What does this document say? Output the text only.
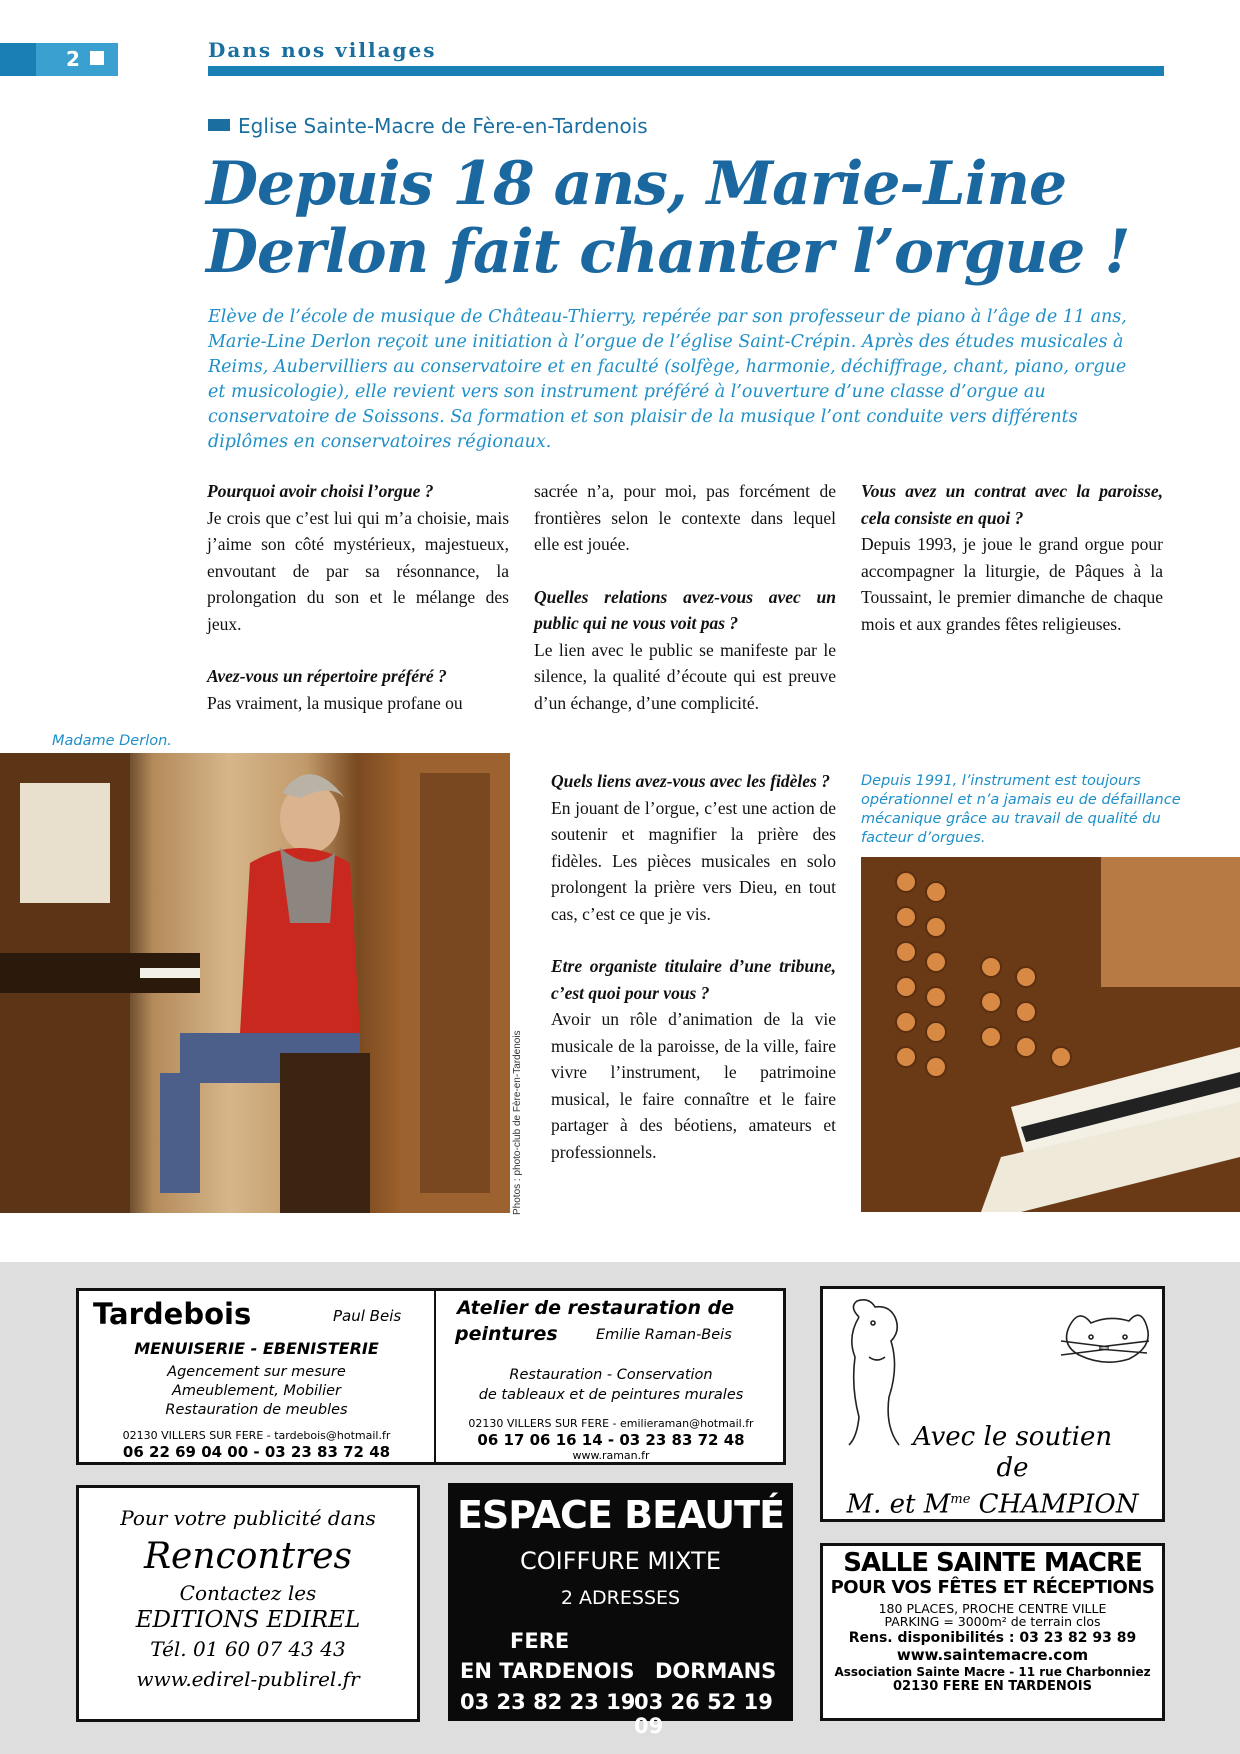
2	Dans nos villages
Eglise Sainte-Macre de Fère-en-Tardenois
Depuis 18 ans, Marie-Line
Derlon fait chanter l’orgue !
Elève de l’école de musique de Château-Thierry, repérée par son professeur de piano à l’âge de 11 ans, Marie-Line Derlon reçoit une initiation à l’orgue de l’église Saint-Crépin. Après des études musicales à Reims, Aubervilliers au conservatoire et en faculté (solfège, harmonie, déchiffrage, chant, piano, orgue et musicologie), elle revient vers son instrument préféré à l’ouverture d’une classe d’orgue au conservatoire de Soissons. Sa formation et son plaisir de la musique l’ont conduite vers différents diplômes en conservatoires régionaux.
Pourquoi avoir choisi l’orgue ?

Je crois que c’est lui qui m’a choisie, mais j’aime son côté mystérieux, majestueux, envoutant de par sa résonnance, la prolongation du son et le mélange des jeux.

Avez-vous un répertoire préféré ?
Pas vraiment, la musique profane ou

sacrée n’a, pour moi, pas forcément de frontières selon le contexte dans lequel elle est jouée.

Quelles relations avez-vous avec un public qui ne vous voit pas ?
Le lien avec le public se manifeste par le silence, la qualité d’écoute qui est preuve d’un échange, d’une complicité.
Quels liens avez-vous avec les fidèles ?

En jouant de l’orgue, c’est une action de soutenir et magnifier la prière des fidèles. Les pièces musicales en solo prolongent la prière vers Dieu, en tout cas, c’est ce que je vis.

Etre organiste titulaire d’une tribune, c’est quoi pour vous ?
Avoir un rôle d’animation de la vie musicale de la paroisse, de la ville, faire vivre l’instrument, le patrimoine musical, le faire connaître et le faire partager à des béotiens, amateurs et professionnels.
Vous avez un contrat avec la paroisse, cela consiste en quoi ?
Depuis 1993, je joue le grand orgue pour accompagner la liturgie, de Pâques à la Toussaint, le premier dimanche de chaque mois et aux grandes fêtes religieuses.
Madame Derlon.
Photos : photo-club de Fère-en-Tardenois
Depuis 1991, l’instrument est toujours opérationnel et n’a jamais eu de défaillance mécanique grâce au travail de qualité du facteur d’orgues.
Tardebois	Paul Beis
MENUISERIE - EBENISTERIE
Agencement sur mesure
Ameublement, Mobilier
Restauration de meubles
02130 VILLERS SUR FERE - tardebois@hotmail.fr
06 22 69 04 00 - 03 23 83 72 48
Atelier de restauration de
peintures	Emilie Raman-Beis
Restauration - Conservation
de tableaux et de peintures murales
02130 VILLERS SUR FERE - emilieraman@hotmail.fr
06 17 06 16 14 - 03 23 83 72 48
www.raman.fr
Avec le soutien
de
M. et $M^{me}$ CHAMPION
Pour votre publicité dans
Rencontres
Contactez les
EDITIONS EDIREL
Tél. 01 60 07 43 43
www.edirel-publirel.fr
ESPACE BEAUTÉ
COIFFURE MIXTE
2 ADRESSES
FERE
EN TARDENOIS DORMANS
03 23 82 23 19
03 26 52 19 09
SALLE SAINTE MACRE
POUR VOS FÊTES ET RÉCEPTIONS
180 PLACES, PROCHE CENTRE VILLE
PARKING = 3000m² de terrain clos
Rens. disponibilités : 03 23 82 93 89
www.saintemacre.com
Association Sainte Macre - 11 rue Charbonniez
02130 FERE EN TARDENOIS
